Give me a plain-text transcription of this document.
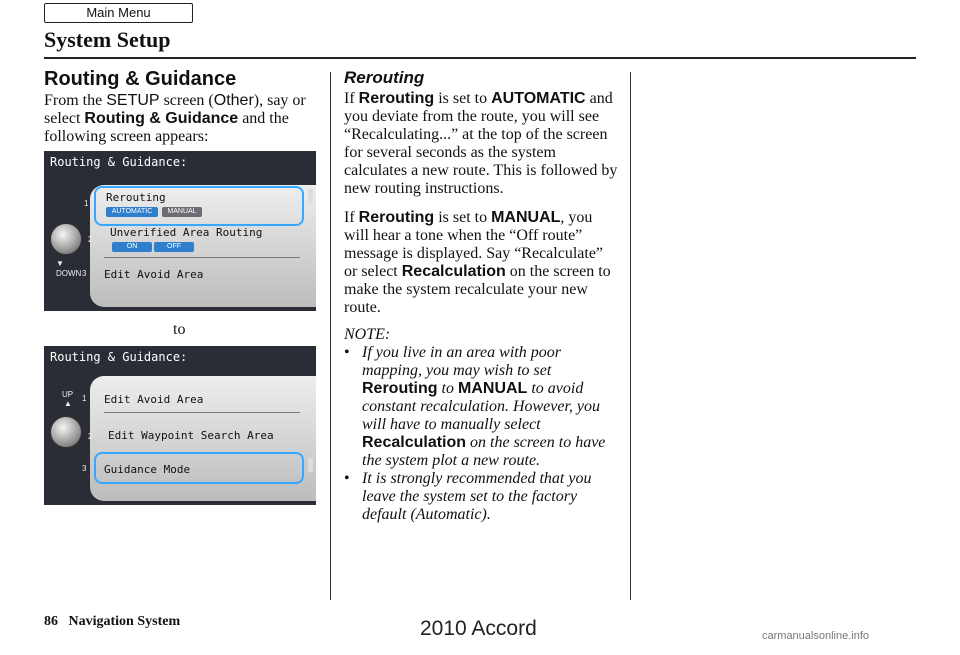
Main Menu
System Setup
Routing & Guidance
From the SETUP screen (Other), say or select Routing & Guidance and the following screen appears:
Routing & Guidance:
1
2
3
▼
DOWN
Rerouting
AUTOMATIC	MANUAL
Unverified Area Routing
ON	OFF
Edit Avoid Area
to
Routing & Guidance:
UP
▲
1
2
3
Edit Avoid Area
Edit Waypoint Search Area
Guidance Mode
Rerouting
If Rerouting is set to AUTOMATIC and you deviate from the route, you will see “Recalculating...” at the top of the screen for several seconds as the system calculates a new route. This is followed by new routing instructions.
If Rerouting is set to MANUAL, you will hear a tone when the “Off route” message is displayed. Say “Recalculate” or select Recalculation on the screen to make the system recalculate your new route.
NOTE:
• If you live in an area with poor mapping, you may wish to set Rerouting to MANUAL to avoid constant recalculation. However, you will have to manually select Recalculation on the screen to have the system plot a new route.
• It is strongly recommended that you leave the system set to the factory default (Automatic).
86 Navigation System	2010 Accord	carmanualsonline.info
